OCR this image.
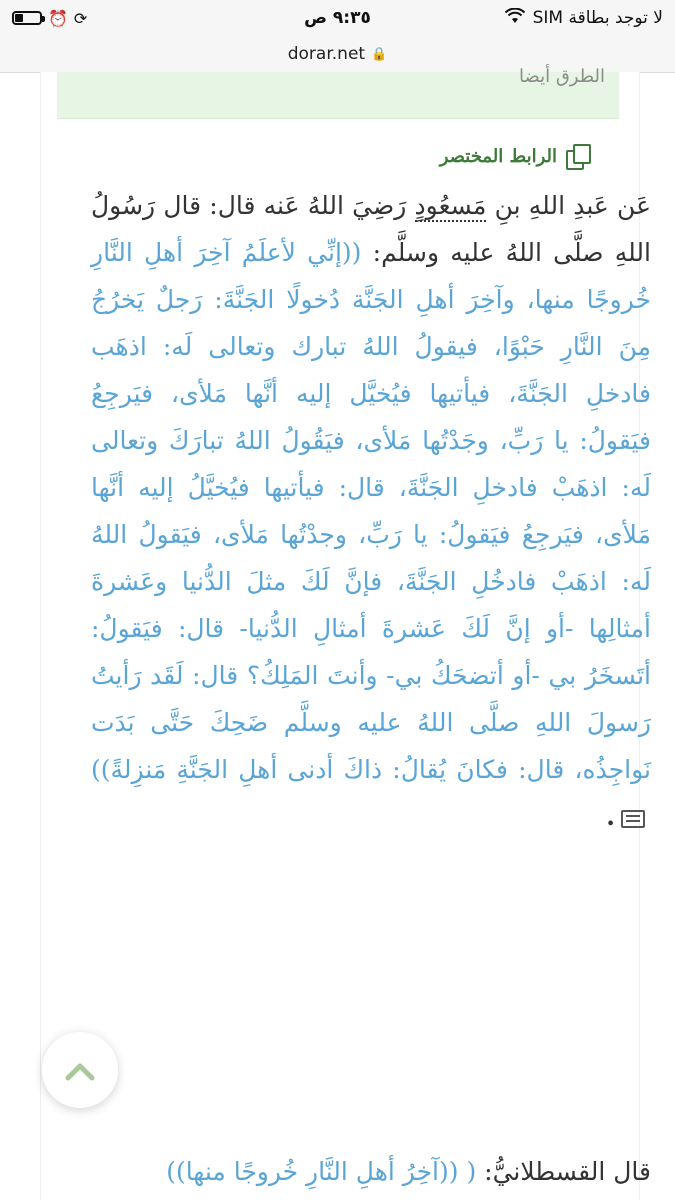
⏰ ⟳	٩:٣٥ ص	لا توجد بطاقة SIM
dorar.net 🔒
الطرق أيضا
الرابط المختصر
عَن عَبدِ اللهِ بنِ مَسعُودٍ رَضِيَ اللهُ عَنه قال: قال رَسُولُ اللهِ صلَّى اللهُ عليه وسلَّم: ((إنِّي لأعلَمُ آخِرَ أهلِ النَّارِ خُروجًا منها، وآخِرَ أهلِ الجَنَّة دُخولًا الجَنَّةَ: رَجلٌ يَخرُجُ مِنَ النَّارِ حَبْوًا، فيقولُ اللهُ تبارك وتعالى لَه: اذهَب فادخلِ الجَنَّةَ، فيأتيها فيُخيَّل إليه أنَّها مَلأى، فيَرجِعُ فيَقولُ: يا رَبِّ، وجَدْتُها مَلأى، فيَقُولُ اللهُ تبارَكَ وتعالى لَه: اذهَبْ فادخلِ الجَنَّةَ، قال: فيأتيها فيُخيَّلُ إليه أنَّها مَلأى، فيَرجِعُ فيَقولُ: يا رَبِّ، وجدْتُها مَلأى، فيَقولُ اللهُ لَه: اذهَبْ فادخُلِ الجَنَّةَ، فإنَّ لَكَ مثلَ الدُّنيا وعَشرةَ أمثالِها -أو إنَّ لَكَ عَشرةَ أمثالِ الدُّنيا- قال: فيَقولُ: أتَسخَرُ بي -أو أتضحَكُ بي- وأنتَ المَلِكُ؟ قال: لَقَد رَأيتُ رَسولَ اللهِ صلَّى اللهُ عليه وسلَّم ضَحِكَ حَتَّى بَدَت نَواجِذُه، قال: فكانَ يُقالُ: ذاكَ أدنى أهلِ الجَنَّةِ مَنزِلةً)) .
قال القسطلانيُّ: ( ((آخِرُ أهلِ النَّارِ خُروجًا منها))
